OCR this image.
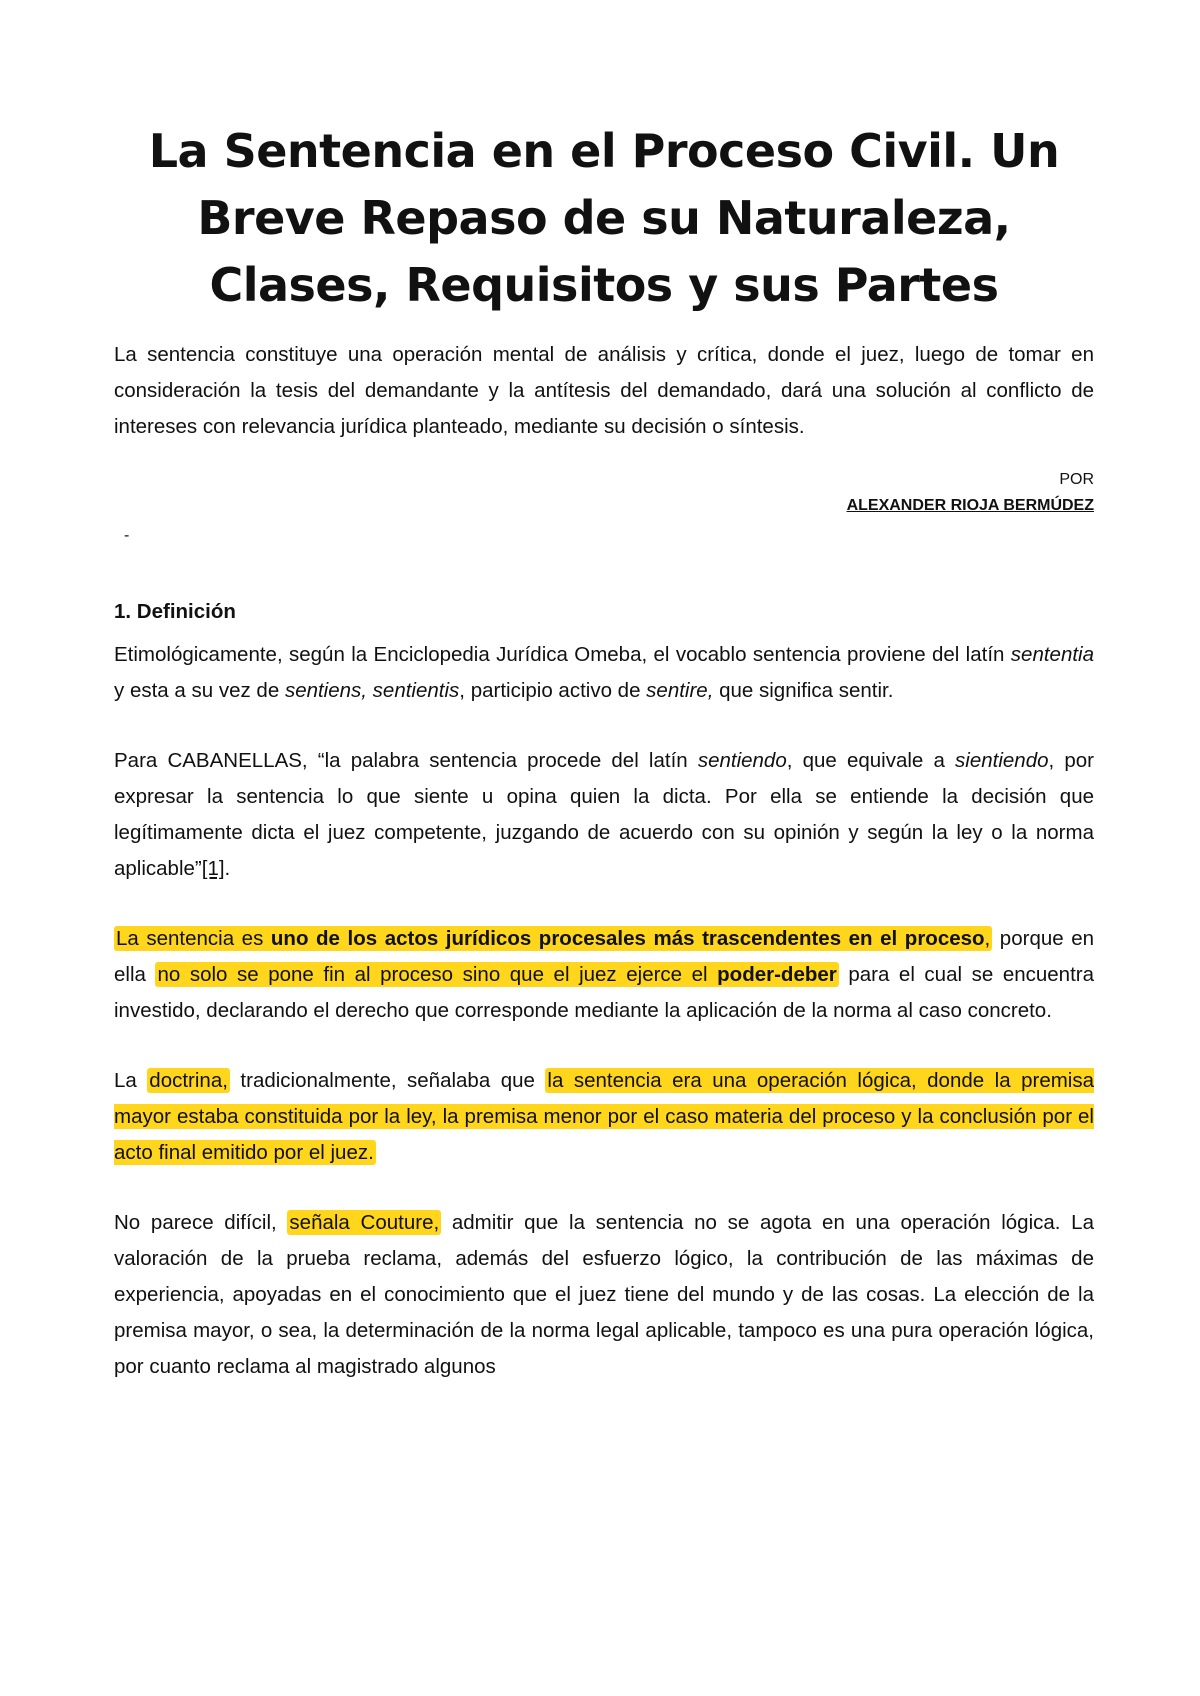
La Sentencia en el Proceso Civil. Un Breve Repaso de su Naturaleza, Clases, Requisitos y sus Partes

La sentencia constituye una operación mental de análisis y crítica, donde el juez, luego de tomar en consideración la tesis del demandante y la antítesis del demandado, dará una solución al conflicto de intereses con relevancia jurídica planteado, mediante su decisión o síntesis.

POR

ALEXANDER RIOJA BERMÚDEZ

-
1. Definición

Etimológicamente, según la Enciclopedia Jurídica Omeba, el vocablo sentencia proviene del latín sententia y esta a su vez de sentiens, sentientis, participio activo de sentire, que significa sentir.

Para CABANELLAS, “la palabra sentencia procede del latín sentiendo, que equivale a sientiendo, por expresar la sentencia lo que siente u opina quien la dicta. Por ella se entiende la decisión que legítimamente dicta el juez competente, juzgando de acuerdo con su opinión y según la ley o la norma aplicable”[1].

La sentencia es uno de los actos jurídicos procesales más trascendentes en el proceso, porque en ella no solo se pone fin al proceso sino que el juez ejerce el poder-deber para el cual se encuentra investido, declarando el derecho que corresponde mediante la aplicación de la norma al caso concreto.

La doctrina, tradicionalmente, señalaba que la sentencia era una operación lógica, donde la premisa mayor estaba constituida por la ley, la premisa menor por el caso materia del proceso y la conclusión por el acto final emitido por el juez.

No parece difícil, señala Couture, admitir que la sentencia no se agota en una operación lógica. La valoración de la prueba reclama, además del esfuerzo lógico, la contribución de las máximas de experiencia, apoyadas en el conocimiento que el juez tiene del mundo y de las cosas. La elección de la premisa mayor, o sea, la determinación de la norma legal aplicable, tampoco es una pura operación lógica, por cuanto reclama al magistrado algunos
